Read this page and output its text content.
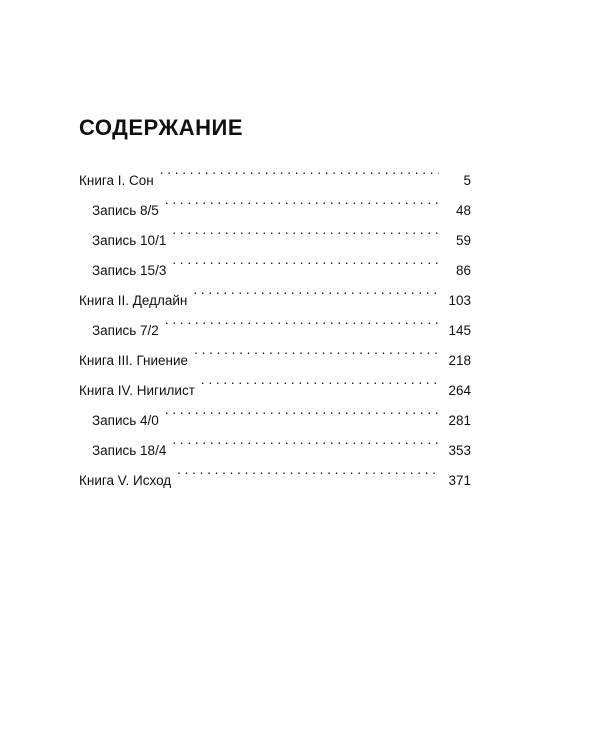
СОДЕРЖАНИЕ
Книга I. Сон . . .	5
Запись 8/5 . . .	48
Запись 10/1 . . .	59
Запись 15/3 . . .	86
Книга II. Дедлайн . . .	103
Запись 7/2 . . .	145
Книга III. Гниение . . .	218
Книга IV. Нигилист . . .	264
Запись 4/0 . . .	281
Запись 18/4 . . .	353
Книга V. Исход . . .	371
